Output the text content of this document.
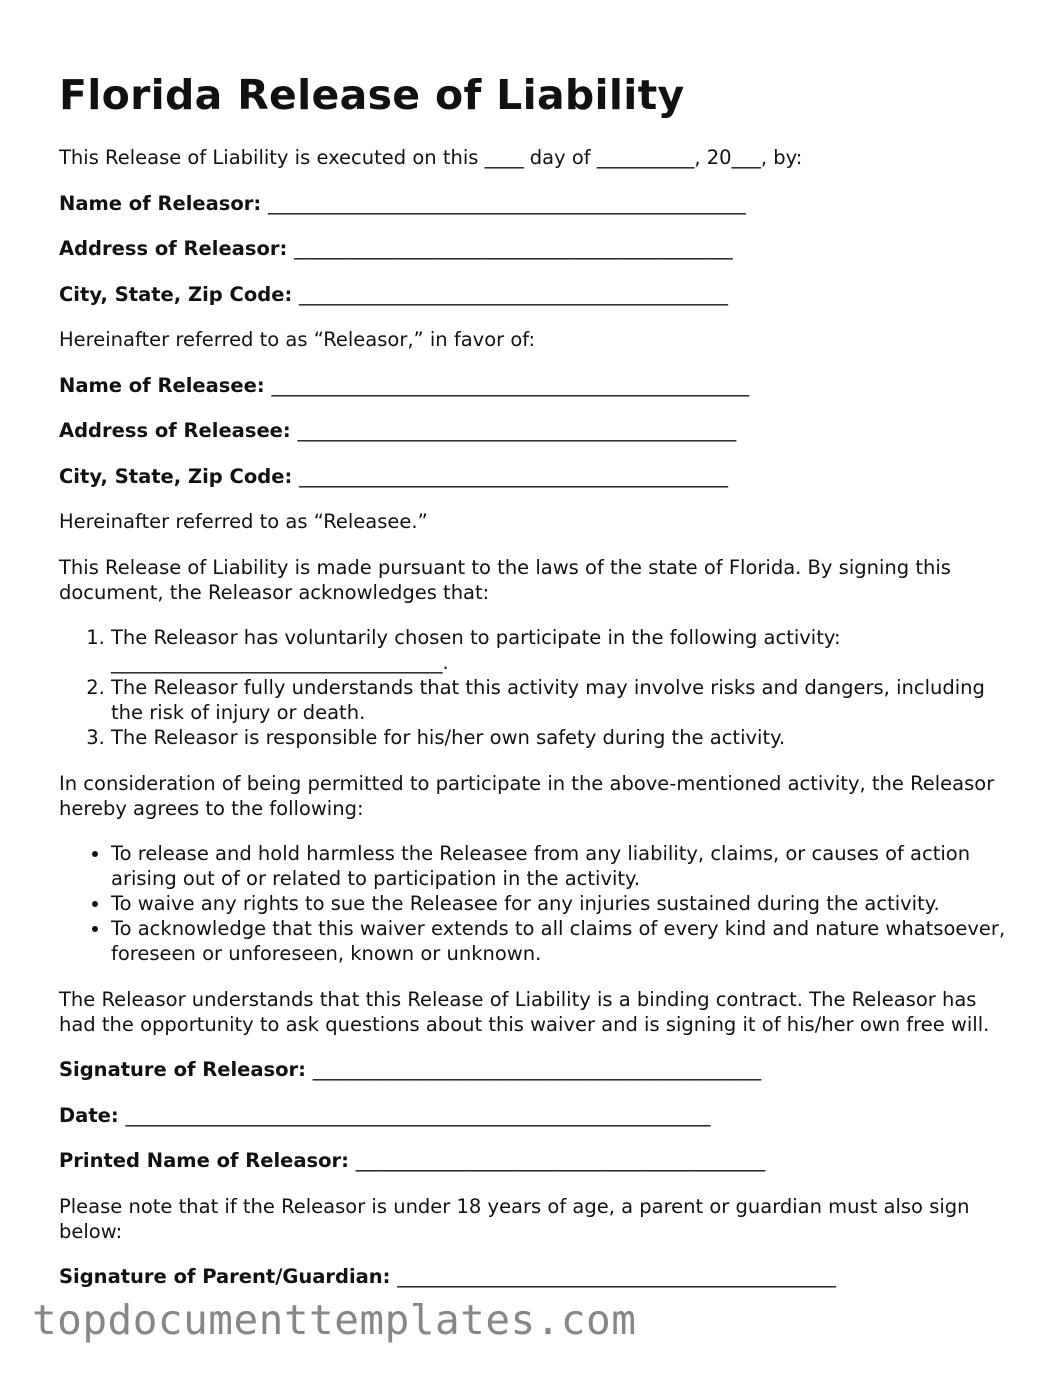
Florida Release of Liability

This Release of Liability is executed on this ____ day of __________, 20___, by:

Name of Releasor: _________________________________________________

Address of Releasor: _____________________________________________

City, State, Zip Code: ____________________________________________

Hereinafter referred to as “Releasor,” in favor of:

Name of Releasee: _________________________________________________

Address of Releasee: _____________________________________________

City, State, Zip Code: ____________________________________________

Hereinafter referred to as “Releasee.”

This Release of Liability is made pursuant to the laws of the state of Florida. By signing this document, the Releasor acknowledges that:

1. The Releasor has voluntarily chosen to participate in the following activity: __________________________________.
2. The Releasor fully understands that this activity may involve risks and dangers, including the risk of injury or death.
3. The Releasor is responsible for his/her own safety during the activity.

In consideration of being permitted to participate in the above-mentioned activity, the Releasor hereby agrees to the following:

• To release and hold harmless the Releasee from any liability, claims, or causes of action arising out of or related to participation in the activity.
• To waive any rights to sue the Releasee for any injuries sustained during the activity.
• To acknowledge that this waiver extends to all claims of every kind and nature whatsoever, foreseen or unforeseen, known or unknown.

The Releasor understands that this Release of Liability is a binding contract. The Releasor has had the opportunity to ask questions about this waiver and is signing it of his/her own free will.

Signature of Releasor: ______________________________________________

Date: ____________________________________________________________

Printed Name of Releasor: __________________________________________

Please note that if the Releasor is under 18 years of age, a parent or guardian must also sign below:

Signature of Parent/Guardian: _____________________________________________

topdocumenttemplates.com
